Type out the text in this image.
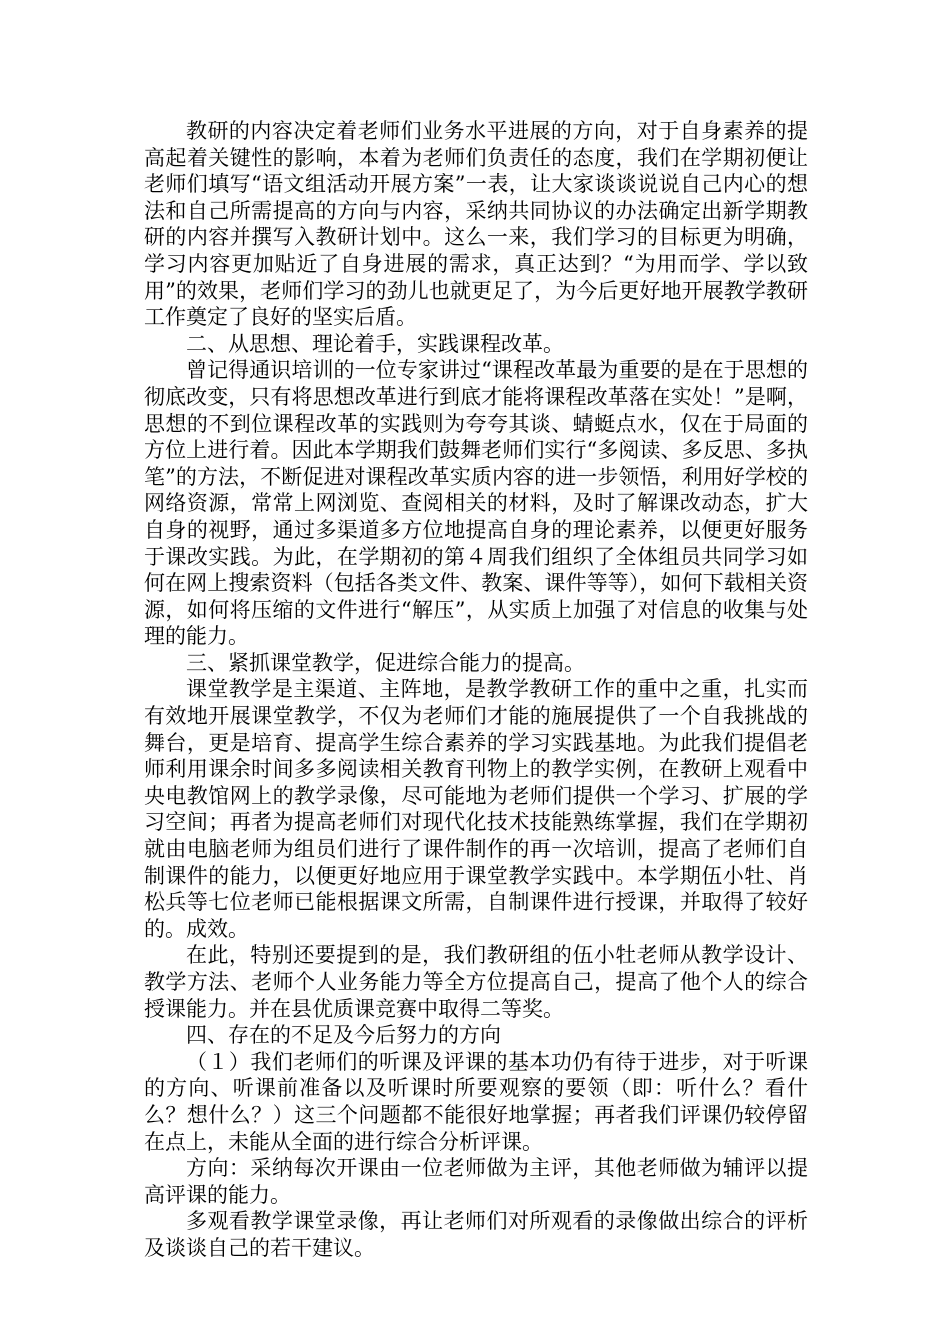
教研的内容决定着老师们业务水平进展的方向，对于自身素养的提高起着关键性的影响，本着为老师们负责任的态度，我们在学期初便让老师们填写“语文组活动开展方案”一表，让大家谈谈说说自己内心的想法和自己所需提高的方向与内容，采纳共同协议的办法确定出新学期教研的内容并撰写入教研计划中。这么一来，我们学习的目标更为明确，学习内容更加贴近了自身进展的需求，真正达到？“为用而学、学以致用”的效果，老师们学习的劲儿也就更足了，为今后更好地开展教学教研工作奠定了良好的坚实后盾。

二、从思想、理论着手，实践课程改革。

曾记得通识培训的一位专家讲过“课程改革最为重要的是在于思想的彻底改变，只有将思想改革进行到底才能将课程改革落在实处！”是啊，思想的不到位课程改革的实践则为夸夸其谈、蜻蜓点水，仅在于局面的方位上进行着。因此本学期我们鼓舞老师们实行“多阅读、多反思、多执笔”的方法，不断促进对课程改革实质内容的进一步领悟，利用好学校的网络资源，常常上网浏览、查阅相关的材料，及时了解课改动态，扩大自身的视野，通过多渠道多方位地提高自身的理论素养，以便更好服务于课改实践。为此，在学期初的第４周我们组织了全体组员共同学习如何在网上搜索资料（包括各类文件、教案、课件等等），如何下载相关资源，如何将压缩的文件进行“解压”，从实质上加强了对信息的收集与处理的能力。

三、紧抓课堂教学，促进综合能力的提高。

课堂教学是主渠道、主阵地，是教学教研工作的重中之重，扎实而有效地开展课堂教学，不仅为老师们才能的施展提供了一个自我挑战的舞台，更是培育、提高学生综合素养的学习实践基地。为此我们提倡老师利用课余时间多多阅读相关教育刊物上的教学实例，在教研上观看中央电教馆网上的教学录像，尽可能地为老师们提供一个学习、扩展的学习空间；再者为提高老师们对现代化技术技能熟练掌握，我们在学期初就由电脑老师为组员们进行了课件制作的再一次培训，提高了老师们自制课件的能力，以便更好地应用于课堂教学实践中。本学期伍小牡、肖松兵等七位老师已能根据课文所需，自制课件进行授课，并取得了较好的。成效。

在此，特别还要提到的是，我们教研组的伍小牡老师从教学设计、教学方法、老师个人业务能力等全方位提高自己，提高了他个人的综合授课能力。并在县优质课竞赛中取得二等奖。

四、存在的不足及今后努力的方向

（１）我们老师们的听课及评课的基本功仍有待于进步，对于听课的方向、听课前准备以及听课时所要观察的要领（即：听什么？看什么？想什么？）这三个问题都不能很好地掌握；再者我们评课仍较停留在点上，未能从全面的进行综合分析评课。

方向：采纳每次开课由一位老师做为主评，其他老师做为辅评以提高评课的能力。

多观看教学课堂录像，再让老师们对所观看的录像做出综合的评析及谈谈自己的若干建议。
